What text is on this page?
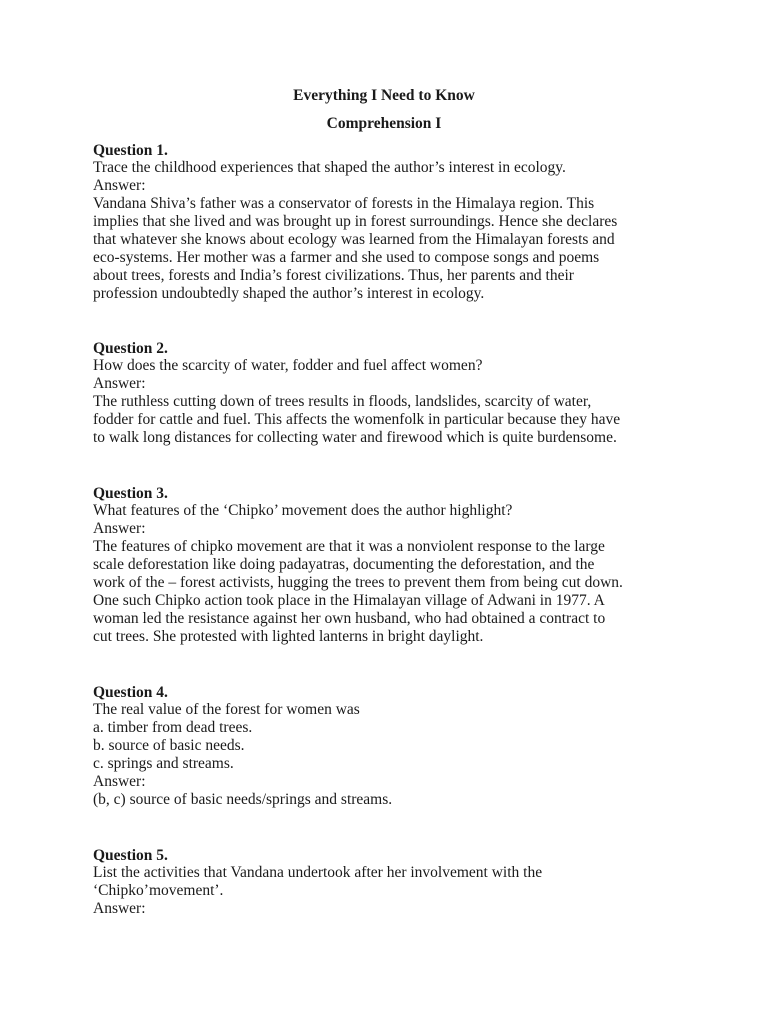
Everything I Need to Know
Comprehension I
Question 1.
Trace the childhood experiences that shaped the author’s interest in ecology.
Answer:
Vandana Shiva’s father was a conservator of forests in the Himalaya region. This
implies that she lived and was brought up in forest surroundings. Hence she declares
that whatever she knows about ecology was learned from the Himalayan forests and
eco-systems. Her mother was a farmer and she used to compose songs and poems
about trees, forests and India’s forest civilizations. Thus, her parents and their
profession undoubtedly shaped the author’s interest in ecology.
Question 2.
How does the scarcity of water, fodder and fuel affect women?
Answer:
The ruthless cutting down of trees results in floods, landslides, scarcity of water,
fodder for cattle and fuel. This affects the womenfolk in particular because they have
to walk long distances for collecting water and firewood which is quite burdensome.
Question 3.
What features of the ‘Chipko’ movement does the author highlight?
Answer:
The features of chipko movement are that it was a nonviolent response to the large
scale deforestation like doing padayatras, documenting the deforestation, and the
work of the – forest activists, hugging the trees to prevent them from being cut down.
One such Chipko action took place in the Himalayan village of Adwani in 1977. A
woman led the resistance against her own husband, who had obtained a contract to
cut trees. She protested with lighted lanterns in bright daylight.
Question 4.
The real value of the forest for women was
a. timber from dead trees.
b. source of basic needs.
c. springs and streams.
Answer:
(b, c) source of basic needs/springs and streams.
Question 5.
List the activities that Vandana undertook after her involvement with the
‘Chipko’movement’.
Answer:
